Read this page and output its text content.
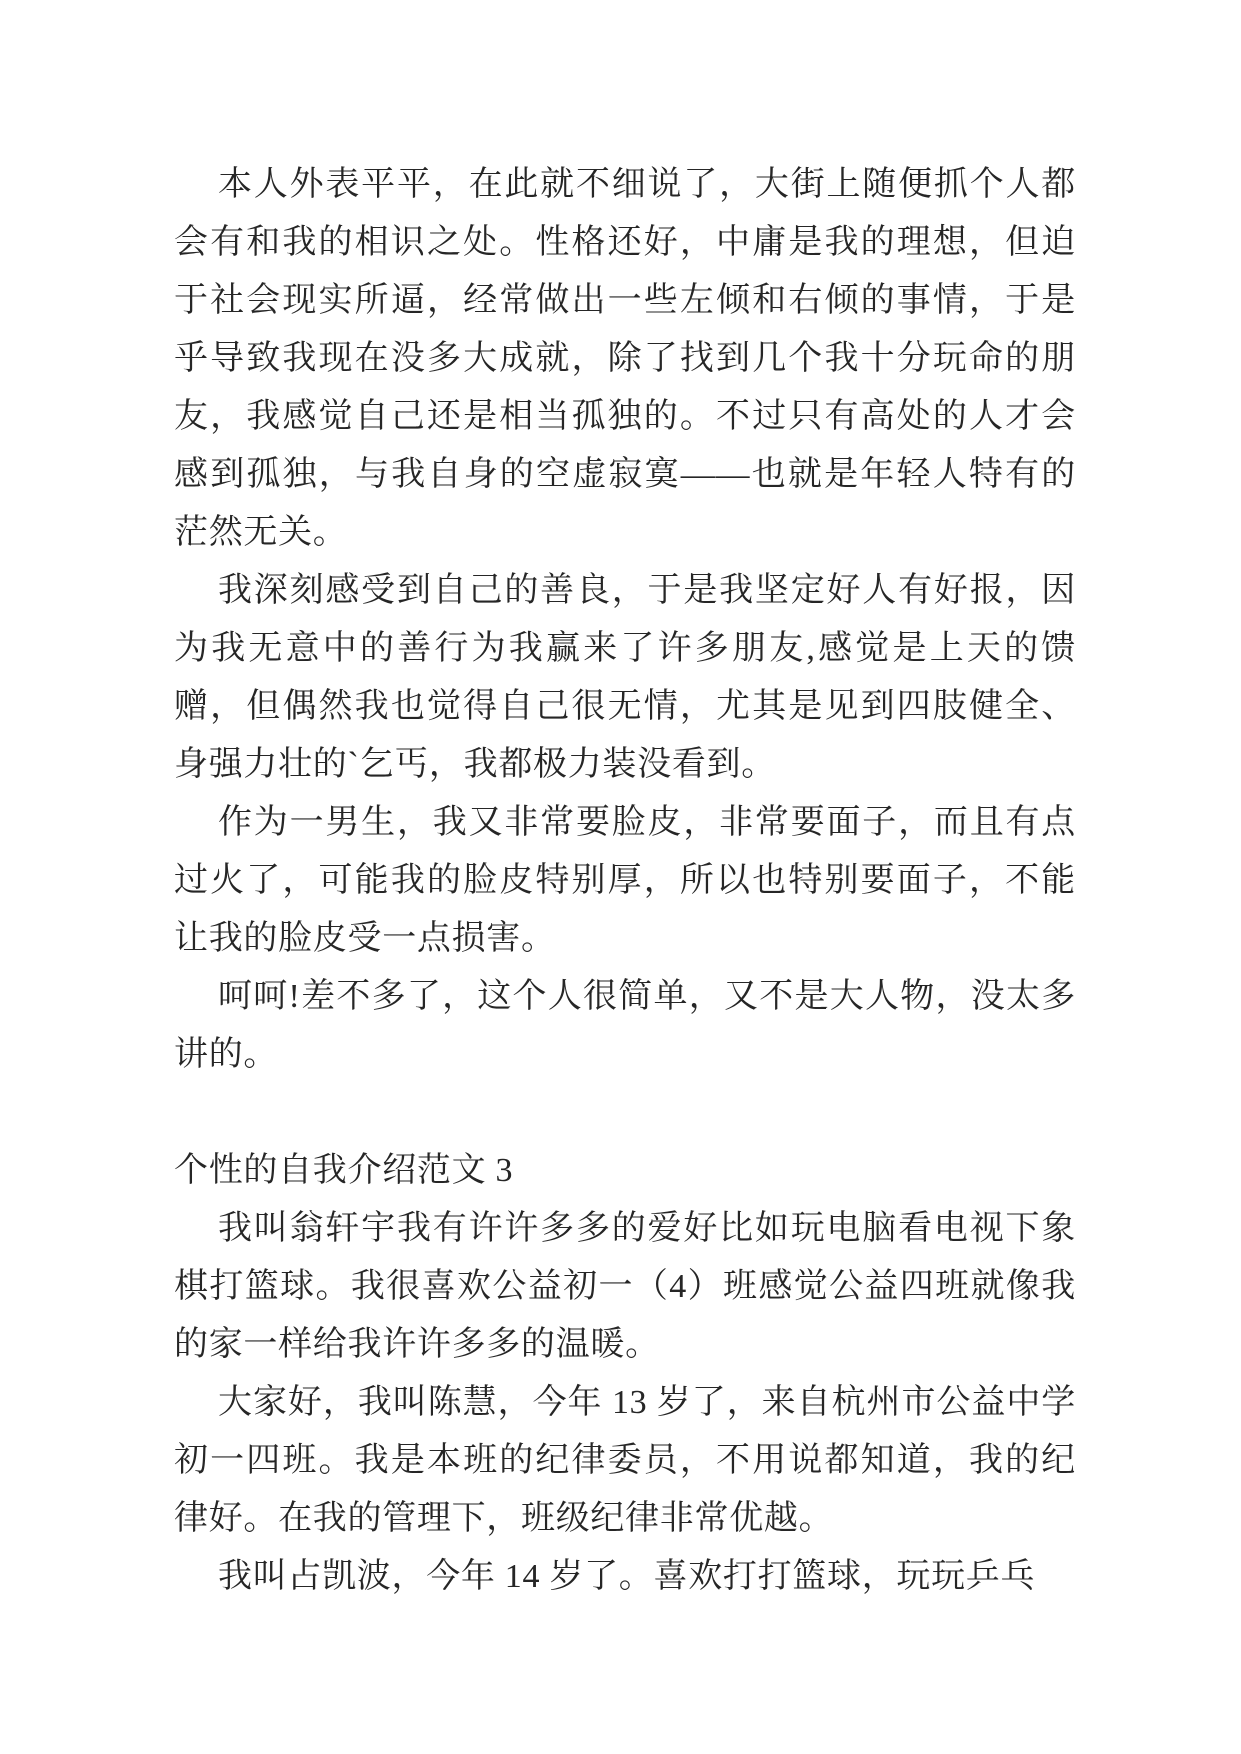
本人外表平平，在此就不细说了，大街上随便抓个人都会有和我的相识之处。性格还好，中庸是我的理想，但迫于社会现实所逼，经常做出一些左倾和右倾的事情，于是乎导致我现在没多大成就，除了找到几个我十分玩命的朋友，我感觉自己还是相当孤独的。不过只有高处的人才会感到孤独，与我自身的空虚寂寞——也就是年轻人特有的茫然无关。

我深刻感受到自己的善良，于是我坚定好人有好报，因为我无意中的善行为我赢来了许多朋友,感觉是上天的馈赠，但偶然我也觉得自己很无情，尤其是见到四肢健全、身强力壮的`乞丐，我都极力装没看到。

作为一男生，我又非常要脸皮，非常要面子，而且有点过火了，可能我的脸皮特别厚，所以也特别要面子，不能让我的脸皮受一点损害。

呵呵!差不多了，这个人很简单，又不是大人物，没太多讲的。

个性的自我介绍范文 3

我叫翁轩宇我有许许多多的爱好比如玩电脑看电视下象棋打篮球。我很喜欢公益初一（4）班感觉公益四班就像我的家一样给我许许多多的温暖。

大家好，我叫陈慧，今年 13 岁了，来自杭州市公益中学初一四班。我是本班的纪律委员，不用说都知道，我的纪律好。在我的管理下，班级纪律非常优越。

我叫占凯波，今年 14 岁了。喜欢打打篮球，玩玩乒乓
